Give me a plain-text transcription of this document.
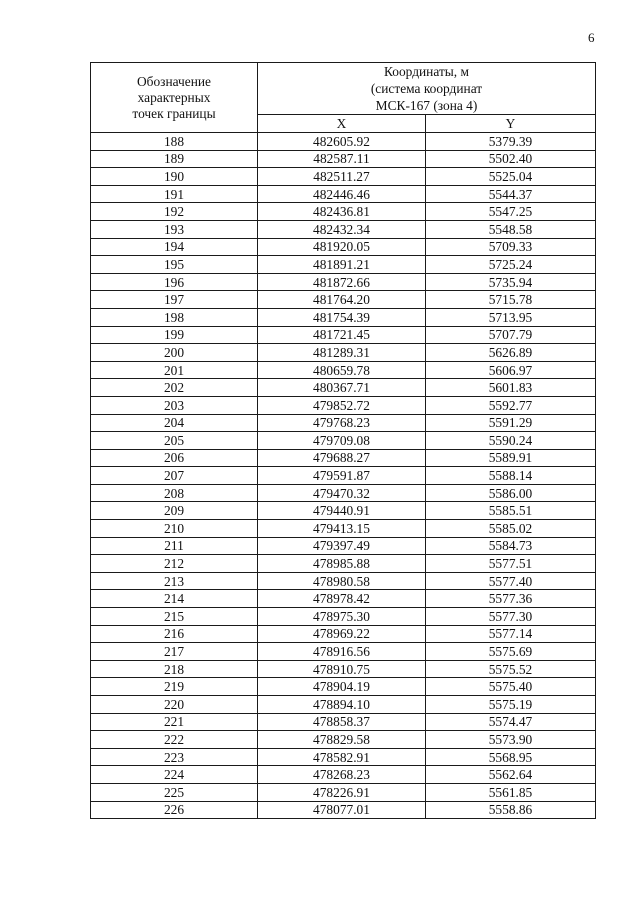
6
Обозначение
характерных
точек границы	Координаты, м
(система координат
МСК-167 (зона 4)	
	X	Y
188	482605.92	5379.39
189	482587.11	5502.40
190	482511.27	5525.04
191	482446.46	5544.37
192	482436.81	5547.25
193	482432.34	5548.58
194	481920.05	5709.33
195	481891.21	5725.24
196	481872.66	5735.94
197	481764.20	5715.78
198	481754.39	5713.95
199	481721.45	5707.79
200	481289.31	5626.89
201	480659.78	5606.97
202	480367.71	5601.83
203	479852.72	5592.77
204	479768.23	5591.29
205	479709.08	5590.24
206	479688.27	5589.91
207	479591.87	5588.14
208	479470.32	5586.00
209	479440.91	5585.51
210	479413.15	5585.02
211	479397.49	5584.73
212	478985.88	5577.51
213	478980.58	5577.40
214	478978.42	5577.36
215	478975.30	5577.30
216	478969.22	5577.14
217	478916.56	5575.69
218	478910.75	5575.52
219	478904.19	5575.40
220	478894.10	5575.19
221	478858.37	5574.47
222	478829.58	5573.90
223	478582.91	5568.95
224	478268.23	5562.64
225	478226.91	5561.85
226	478077.01	5558.86
